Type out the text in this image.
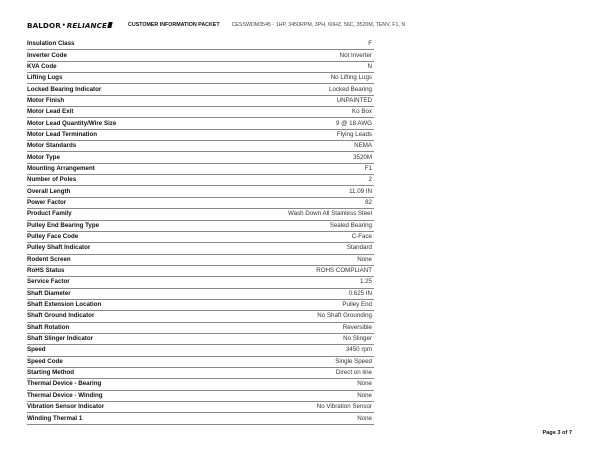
BALDOR • RELIANCE	CUSTOMER INFORMATION PACKET CESSWDM3545 - 1HP, 3450RPM, 3PH, 60HZ, 56C, 3520M, TENV, F1, N
Insulation Class	F
Inverter Code	Not Inverter
KVA Code	N
Lifting Lugs	No Lifting Lugs
Locked Bearing Indicator	Locked Bearing
Motor Finish	UNPAINTED
Motor Lead Exit	Ko Box
Motor Lead Quantity/Wire Size	9 @ 18 AWG
Motor Lead Termination	Flying Leads
Motor Standards	NEMA
Motor Type	3520M
Mounting Arrangement	F1
Number of Poles	2
Overall Length	11.09 IN
Power Factor	82
Product Family	Wash Down All Stainless Steel
Pulley End Bearing Type	Sealed Bearing
Pulley Face Code	C-Face
Pulley Shaft Indicator	Standard
Rodent Screen	None
RoHS Status	ROHS COMPLIANT
Service Factor	1.25
Shaft Diameter	0.625 IN
Shaft Extension Location	Pulley End
Shaft Ground Indicator	No Shaft Grounding
Shaft Rotation	Reversible
Shaft Slinger Indicator	No Slinger
Speed	3450 rpm
Speed Code	Single Speed
Starting Method	Direct on line
Thermal Device - Bearing	None
Thermal Device - Winding	None
Vibration Sensor Indicator	No Vibration Sensor
Winding Thermal 1	None
Page 3 of 7
